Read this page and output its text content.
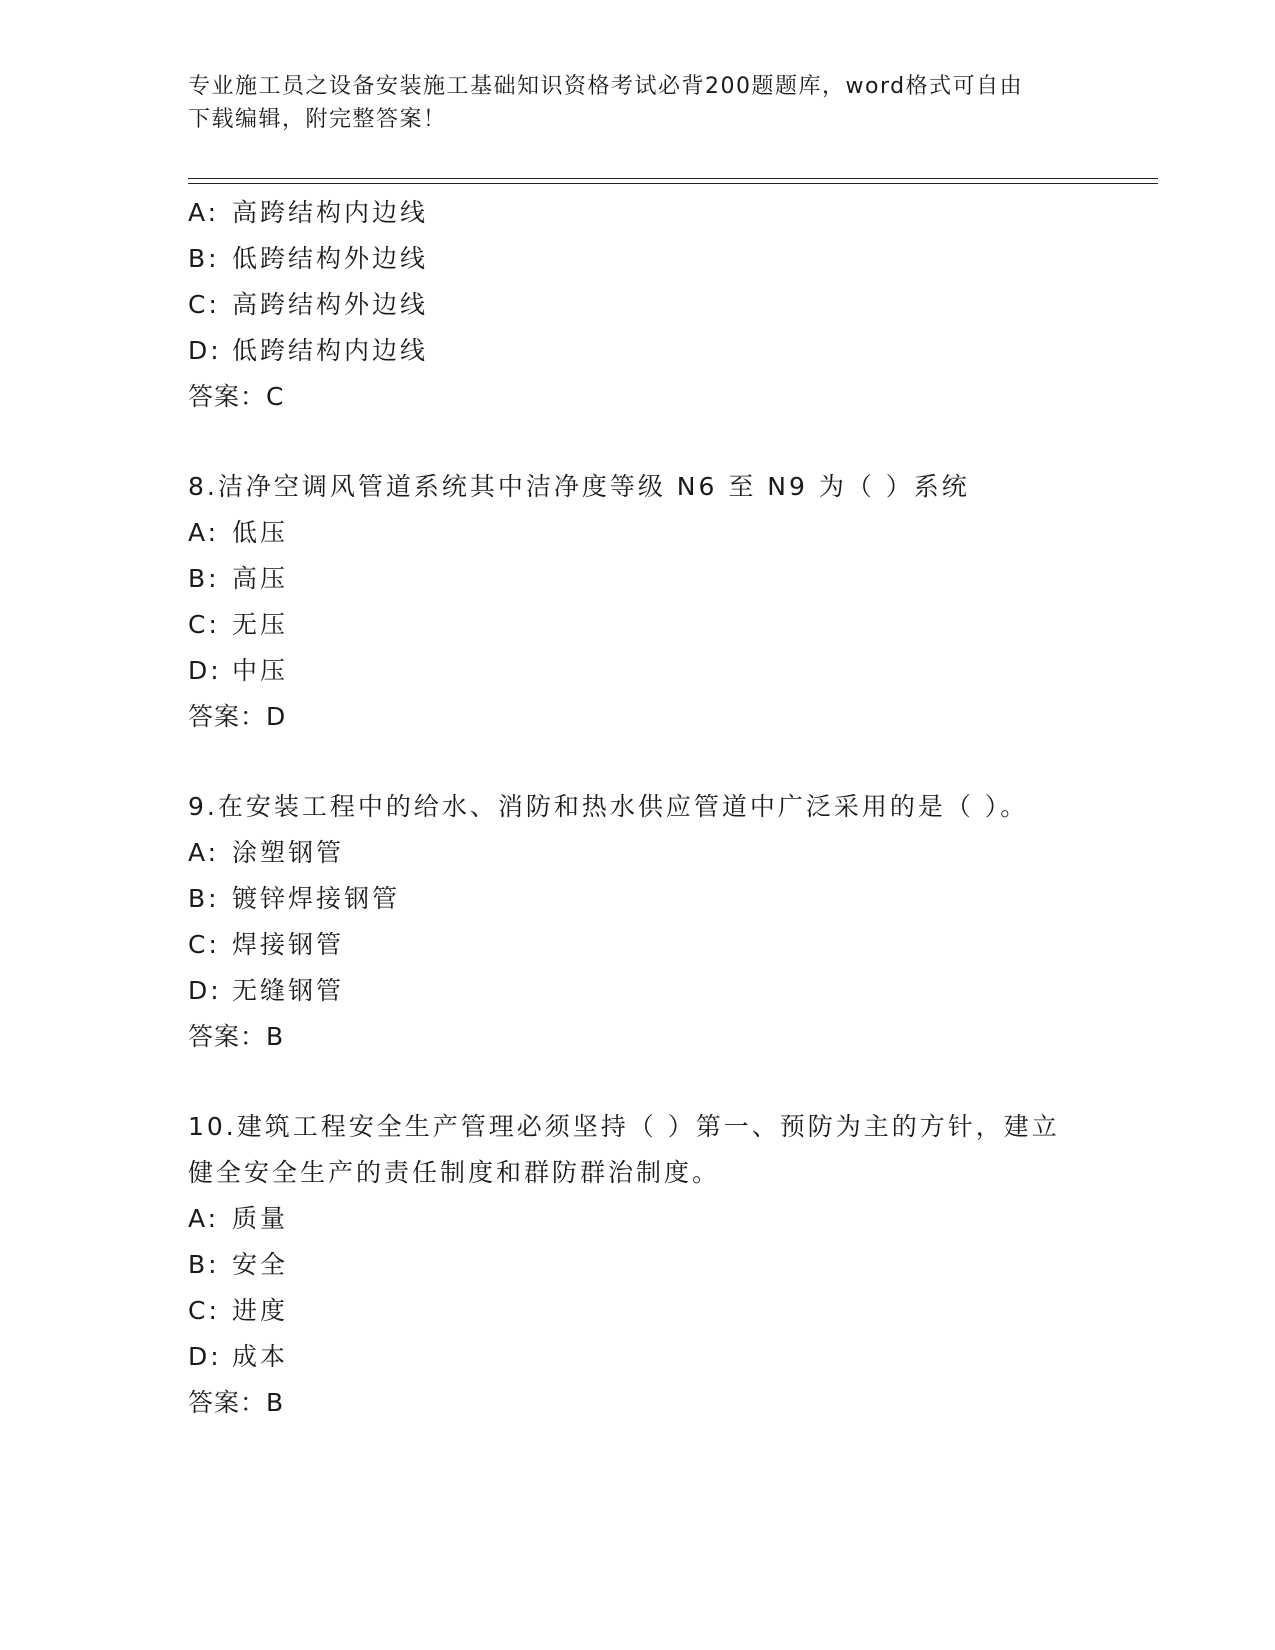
专业施工员之设备安装施工基础知识资格考试必背200题题库，word格式可自由
下载编辑，附完整答案！
A: 高跨结构内边线
B: 低跨结构外边线
C: 高跨结构外边线
D: 低跨结构内边线
答案：C
8.洁净空调风管道系统其中洁净度等级 N6 至 N9 为（ ）系统
A: 低压
B: 高压
C: 无压
D: 中压
答案：D
9.在安装工程中的给水、消防和热水供应管道中广泛采用的是（ ）。
A: 涂塑钢管
B: 镀锌焊接钢管
C: 焊接钢管
D: 无缝钢管
答案：B
10.建筑工程安全生产管理必须坚持（ ）第一、预防为主的方针，建立健全安全生产的责任制度和群防群治制度。
A: 质量
B: 安全
C: 进度
D: 成本
答案：B
